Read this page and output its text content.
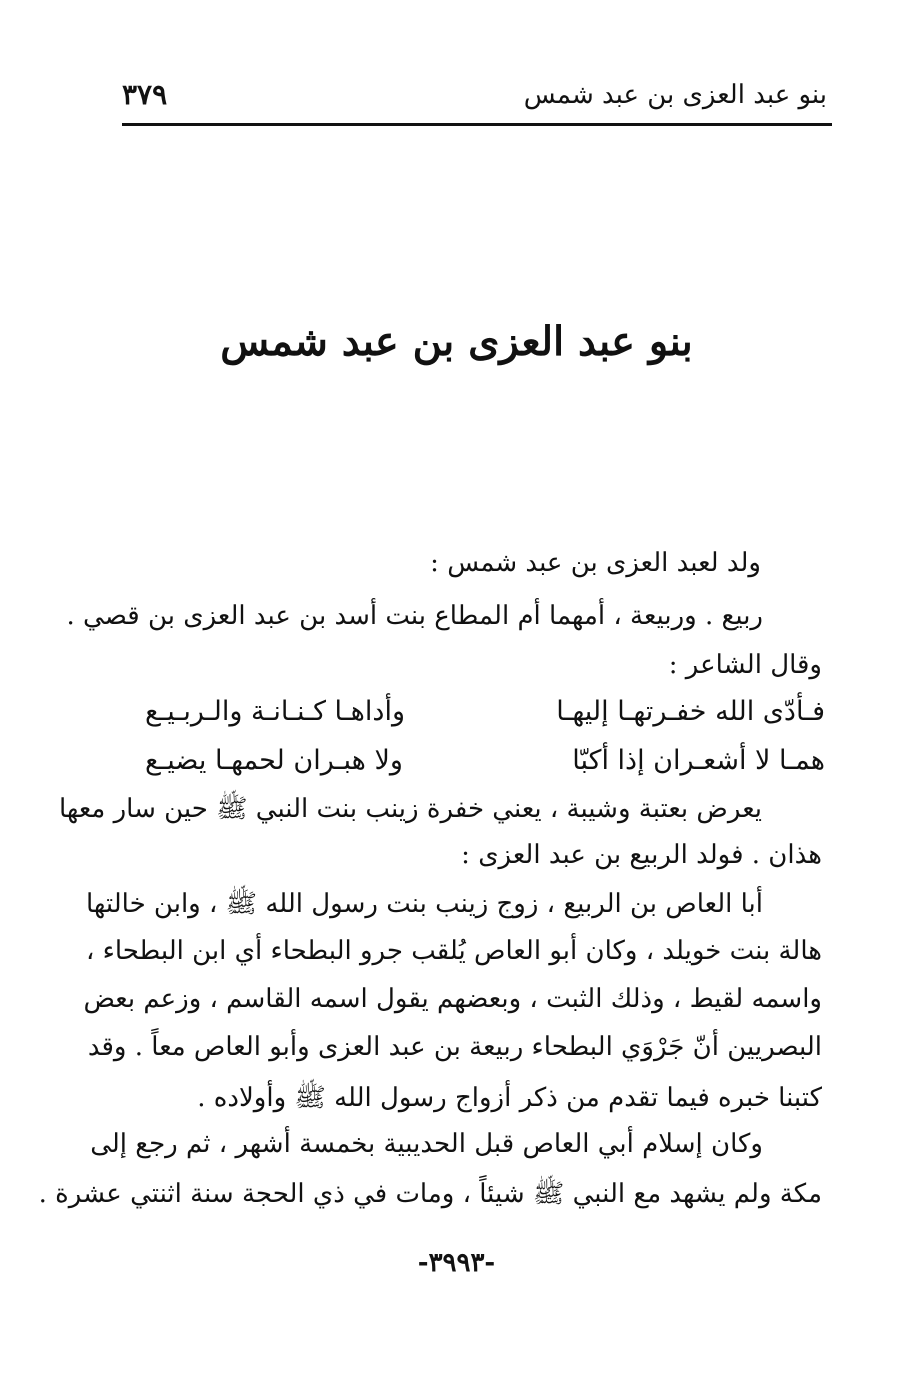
بنو عبد العزى بن عبد شمس
٣٧٩
بنو عبد العزى بن عبد شمس
ولد لعبد العزى بن عبد شمس :
ربيع . وربيعة ، أمهما أم المطاع بنت أسد بن عبد العزى بن قصي .
وقال الشاعر :
فـأدّى الله خفـرتهـا إليهـا
وأداهـا كـنـانـة والـربـيـع
همـا لا أشعـران إذا أكبّا
ولا هبـران لحمهـا يضيـع
يعرض بعتبة وشيبة ، يعني خفرة زينب بنت النبي ﷺ حين سار معها
هذان . فولد الربيع بن عبد العزى :
أبا العاص بن الربيع ، زوج زينب بنت رسول الله ﷺ ، وابن خالتها
هالة بنت خويلد ، وكان أبو العاص يُلقب جرو البطحاء أي ابن البطحاء ،
واسمه لقيط ، وذلك الثبت ، وبعضهم يقول اسمه القاسم ، وزعم بعض
البصريين أنّ جَرْوَي البطحاء ربيعة بن عبد العزى وأبو العاص معاً . وقد
كتبنا خبره فيما تقدم من ذكر أزواج رسول الله ﷺ وأولاده .
وكان إسلام أبي العاص قبل الحديبية بخمسة أشهر ، ثم رجع إلى
مكة ولم يشهد مع النبي ﷺ شيئاً ، ومات في ذي الحجة سنة اثنتي عشرة .
-٣٩٩٣-
